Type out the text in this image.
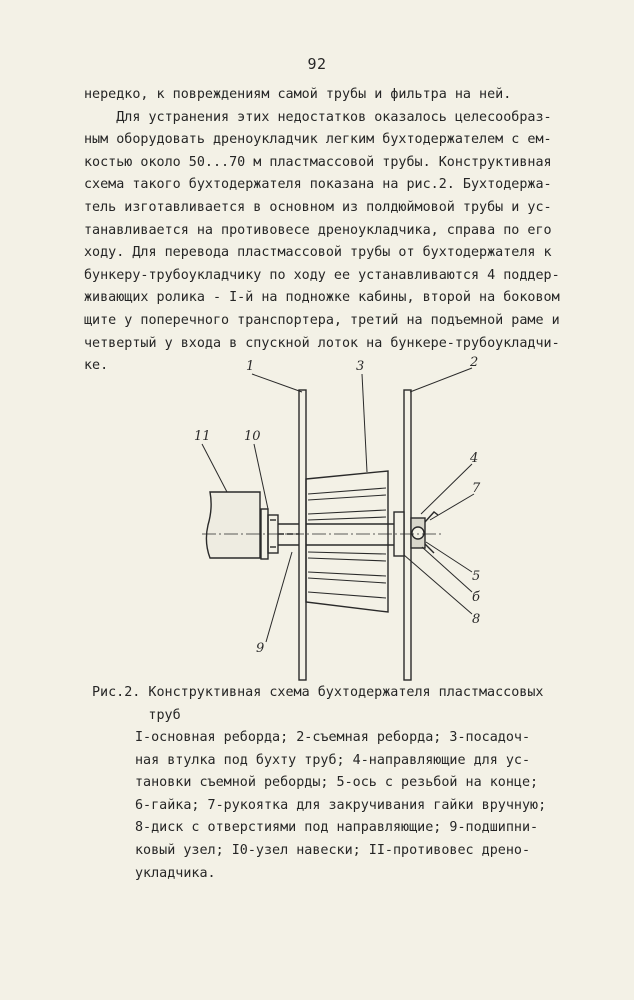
92
нередко, к повреждениям самой трубы и фильтра на ней.
Для устранения этих недостатков оказалось целесообраз-
ным оборудовать дреноукладчик легким бухтодержателем с ем-
костью около 50...70 м пластмассовой трубы. Конструктивная
схема такого бухтодержателя показана на рис.2. Бухтодержа-
тель изготавливается в основном из полдюймовой трубы и ус-
танавливается на противовесе дреноукладчика, справа по его
ходу. Для перевода пластмассовой трубы от бухтодержателя к
бункеру-трубоукладчику по ходу ее устанавливаются 4 поддер-
живающих ролика - I-й на подножке кабины, второй на боковом
щите у поперечного транспортера, третий на подъемной раме и
четвертый у входа в спускной лоток на бункере-трубоукладчи-
ке.	1	3	2
11	10
4
7
5
б
8
9
Рис.2. Конструктивная схема бухтодержателя пластмассовых
труб
I-основная реборда; 2-съемная реборда; 3-посадоч-
ная втулка под бухту труб; 4-направляющие для ус-
тановки съемной реборды; 5-ось с резьбой на конце;
6-гайка; 7-рукоятка для закручивания гайки вручную;
8-диск с отверстиями под направляющие; 9-подшипни-
ковый узел; I0-узел навески; II-противовес дрено-
укладчика.
